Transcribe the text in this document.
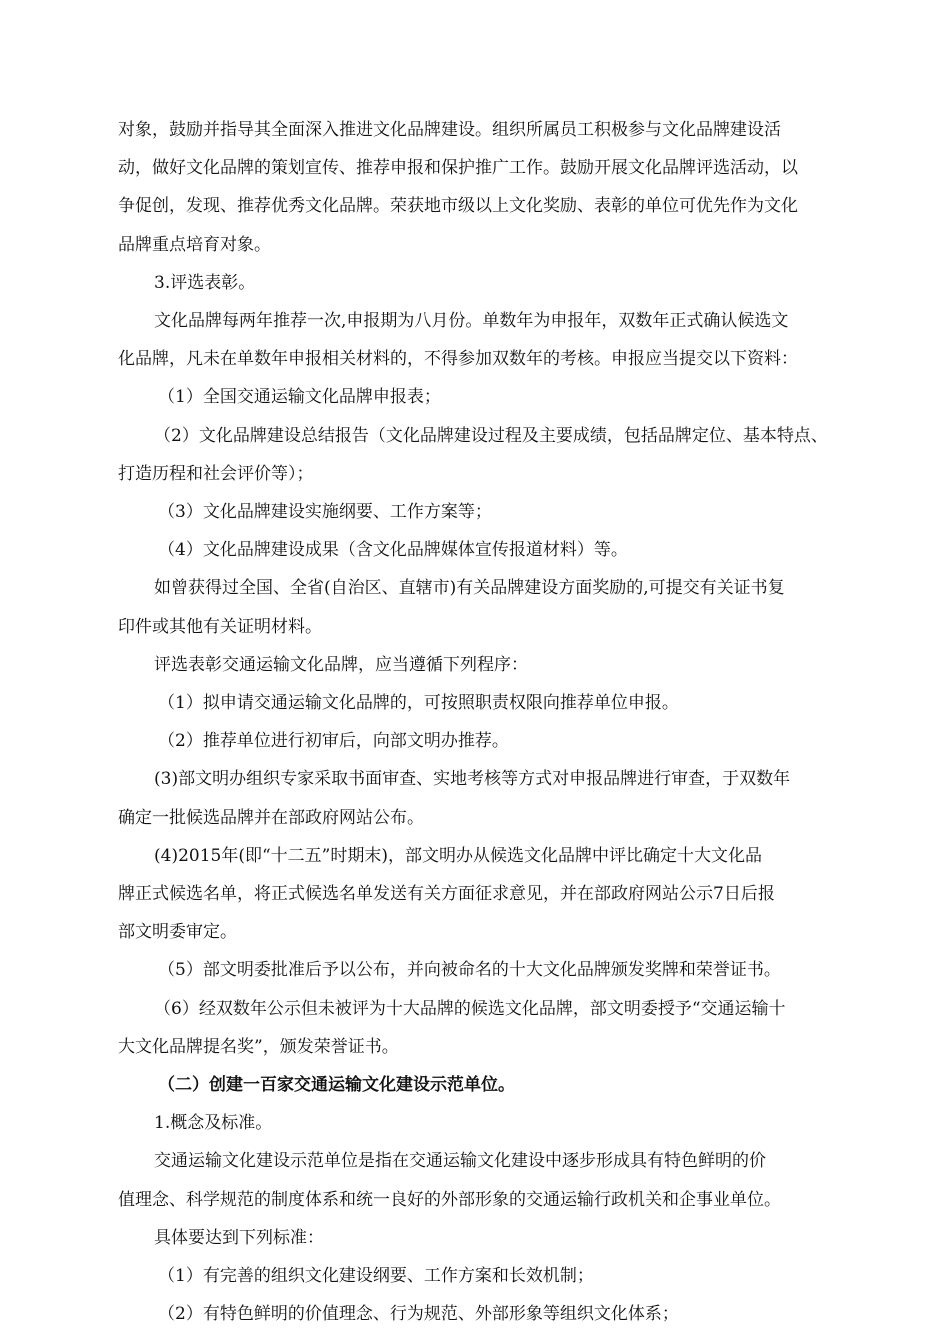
对象，鼓励并指导其全面深入推进文化品牌建设。组织所属员工积极参与文化品牌建设活
动，做好文化品牌的策划宣传、推荐申报和保护推广工作。鼓励开展文化品牌评选活动，以
争促创，发现、推荐优秀文化品牌。荣获地市级以上文化奖励、表彰的单位可优先作为文化
品牌重点培育对象。
3.评选表彰。
文化品牌每两年推荐一次,申报期为八月份。单数年为申报年，双数年正式确认候选文
化品牌，凡未在单数年申报相关材料的，不得参加双数年的考核。申报应当提交以下资料：
（1）全国交通运输文化品牌申报表；
（2）文化品牌建设总结报告（文化品牌建设过程及主要成绩，包括品牌定位、基本特点、
打造历程和社会评价等）；
（3）文化品牌建设实施纲要、工作方案等；
（4）文化品牌建设成果（含文化品牌媒体宣传报道材料）等。
如曾获得过全国、全省(自治区、直辖市)有关品牌建设方面奖励的,可提交有关证书复
印件或其他有关证明材料。
评选表彰交通运输文化品牌，应当遵循下列程序：
（1）拟申请交通运输文化品牌的，可按照职责权限向推荐单位申报。
（2）推荐单位进行初审后，向部文明办推荐。
(3)部文明办组织专家采取书面审查、实地考核等方式对申报品牌进行审查，于双数年
确定一批候选品牌并在部政府网站公布。
(4)2015年(即“十二五”时期末)，部文明办从候选文化品牌中评比确定十大文化品
牌正式候选名单，将正式候选名单发送有关方面征求意见，并在部政府网站公示7日后报
部文明委审定。
（5）部文明委批准后予以公布，并向被命名的十大文化品牌颁发奖牌和荣誉证书。
（6）经双数年公示但未被评为十大品牌的候选文化品牌，部文明委授予“交通运输十
大文化品牌提名奖”，颁发荣誉证书。
（二）创建一百家交通运输文化建设示范单位。
1.概念及标准。
交通运输文化建设示范单位是指在交通运输文化建设中逐步形成具有特色鲜明的价
值理念、科学规范的制度体系和统一良好的外部形象的交通运输行政机关和企事业单位。
具体要达到下列标准：
（1）有完善的组织文化建设纲要、工作方案和长效机制；
（2）有特色鲜明的价值理念、行为规范、外部形象等组织文化体系；
